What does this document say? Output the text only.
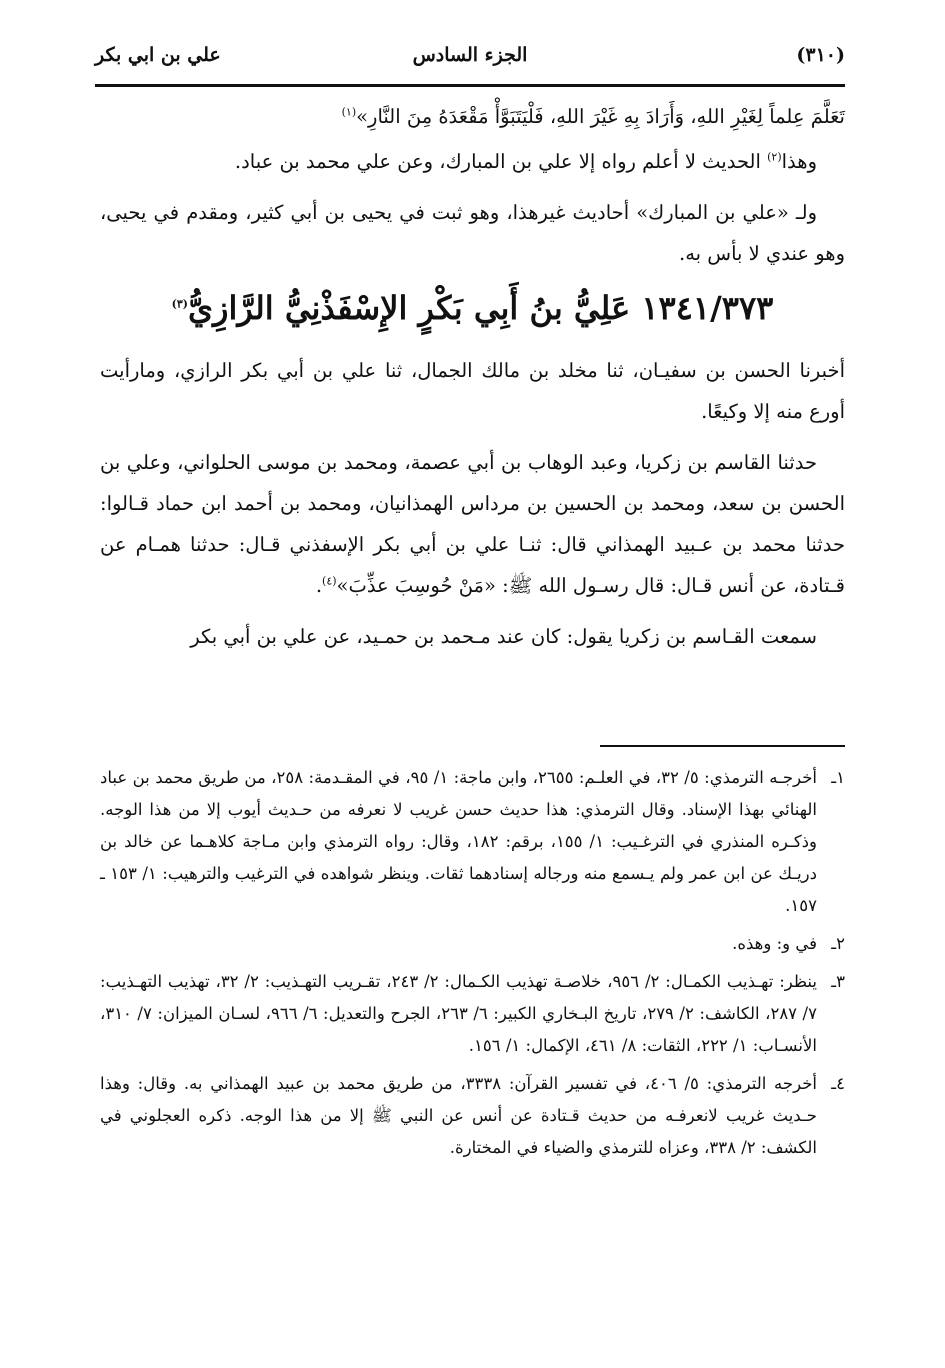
(٣١٠)
الجزء السادس
علي بن ابي بكر

تَعَلَّمَ عِلماً لِغَيْرِ اللهِ، وَأَرَادَ بِهِ غَيْرَ اللهِ، فَلْيَتَبَوَّأْ مَقْعَدَهُ مِنَ النَّارِ»$^{(١)}$

وهذا$^{(٢)}$ الحديث لا أعلم رواه إلا علي بن المبارك، وعن علي محمد بن عباد.

ولـ «علي بن المبارك» أحاديث غيرهذا، وهو ثبت في يحيى بن أبي كثير، ومقدم في يحيى، وهو عندي لا بأس به.

١٣٤١/٣٧٣ عَلِيُّ بنُ أَبِي بَكْرٍ الإِسْفَذْنِيُّ الرَّازِيُّ$^{(٣)}$

أخبرنا الحسن بن سفيـان، ثنا مخلد بن مالك الجمال، ثنا علي بن أبي بكر الرازي، ومارأيت أورع منه إلا وكيعًا.

حدثنا القاسم بن زكريا، وعبد الوهاب بن أبي عصمة، ومحمد بن موسى الحلواني، وعلي بن الحسن بن سعد، ومحمد بن الحسين بن مرداس الهمذانيان، ومحمد بن أحمد ابن حماد قـالوا: حدثنا محمد بن عـبيد الهمذاني قال: ثنـا علي بن أبي بكر الإسفذني قـال: حدثنا همـام عن قـتادة، عن أنس قـال: قال رسـول الله ﷺ: «مَنْ حُوسِبَ عذِّبَ»$^{(٤)}$.

سمعت القـاسم بن زكريا يقول: كان عند مـحمد بن حمـيد، عن علي بن أبي بكر

١ـ
أخرجـه الترمذي: ٥/ ٣٢، في العلـم: ٢٦٥٥، وابن ماجة: ١/ ٩٥، في المقـدمة: ٢٥٨، من طريق محمد بن عباد الهنائي بهذا الإسناد. وقال الترمذي: هذا حديث حسن غريب لا نعرفه من حـديث أيوب إلا من هذا الوجه. وذكـره المنذري في الترغـيب: ١/ ١٥٥، برقم: ١٨٢، وقال: رواه الترمذي وابن مـاجة كلاهـما عن خالد بن دريـك عن ابن عمر ولم يـسمع منه ورجاله إسنادهما ثقات. وينظر شواهده في الترغيب والترهيب: ١/ ١٥٣ ـ ١٥٧.

٢ـ
في و: وهذه.

٣ـ
ينظر: تهـذيب الكمـال: ٢/ ٩٥٦، خلاصـة تهذيب الكـمال: ٢/ ٢٤٣، تقـريب التهـذيب: ٢/ ٣٢، تهذيب التهـذيب: ٧/ ٢٨٧، الكاشف: ٢/ ٢٧٩، تاريخ البـخاري الكبير: ٦/ ٢٦٣، الجرح والتعديل: ٦/ ٩٦٦، لسـان الميزان: ٧/ ٣١٠، الأنسـاب: ١/ ٢٢٢، الثقات: ٨/ ٤٦١، الإكمال: ١/ ١٥٦.

٤ـ
أخرجه الترمذي: ٥/ ٤٠٦، في تفسير القرآن: ٣٣٣٨، من طريق محمد بن عبيد الهمذاني به. وقال: وهذا حـديث غريب لانعرفـه من حديث قـتادة عن أنس عن النبي ﷺ إلا من هذا الوجه. ذكره العجلوني في الكشف: ٢/ ٣٣٨، وعزاه للترمذي والضياء في المختارة.
